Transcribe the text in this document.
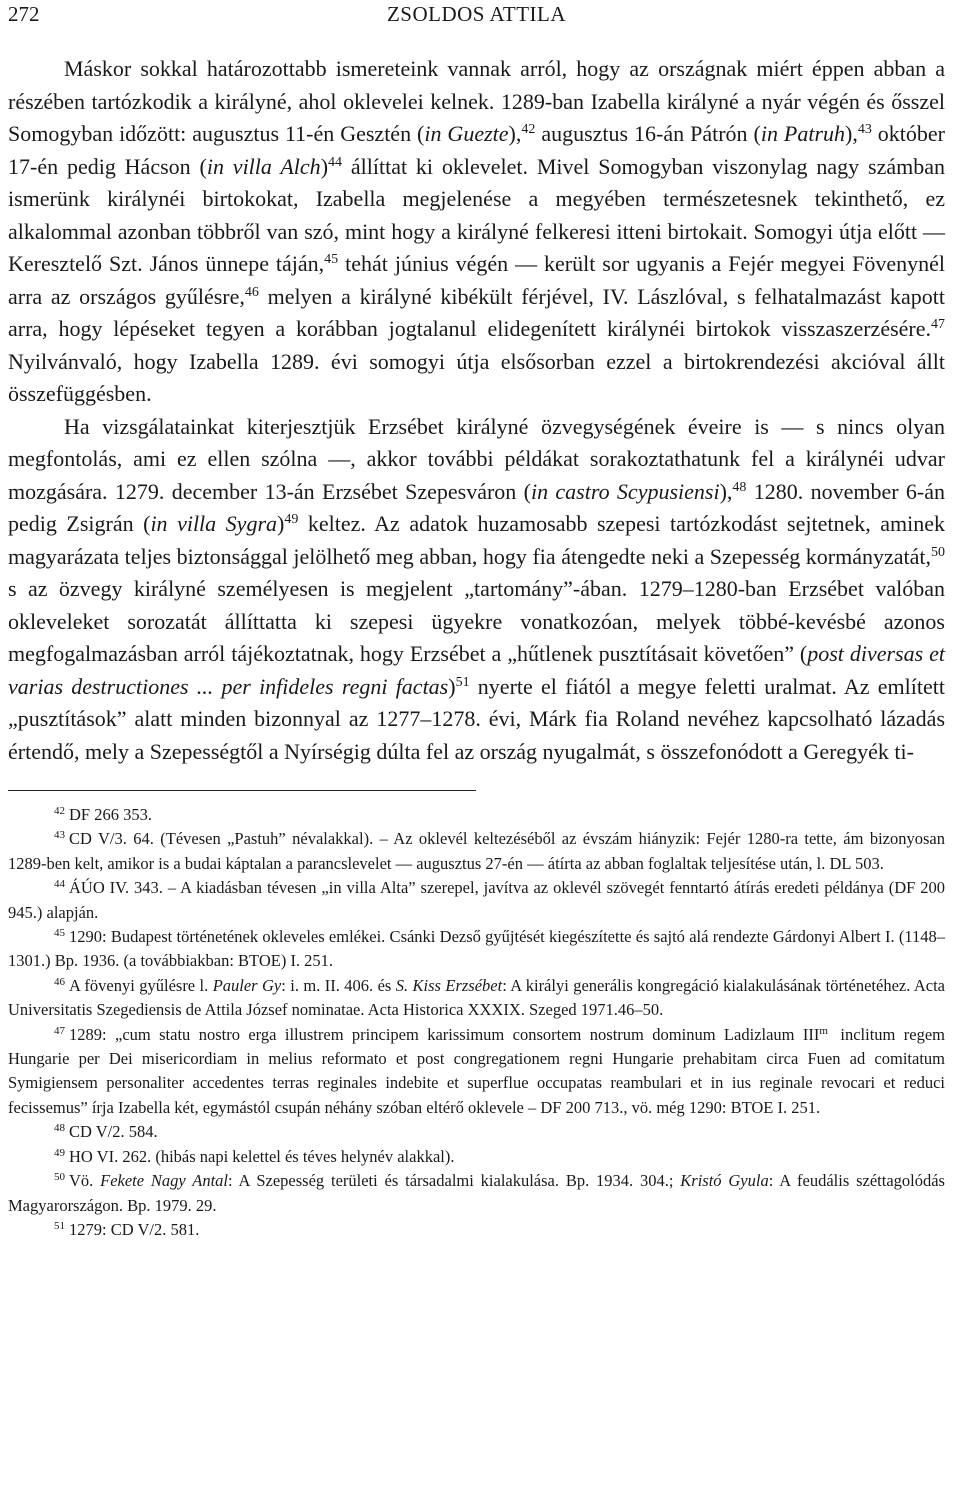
272	ZSOLDOS ATTILA

Máskor sokkal határozottabb ismereteink vannak arról, hogy az országnak miért éppen abban a részében tartózkodik a királyné, ahol oklevelei kelnek. 1289-ban Izabella királyné a nyár végén és ősszel Somogyban időzött: augusztus 11-én Gesztén (in Guezte),$^{42}$ augusztus 16-án Pátrón (in Patruh),$^{43}$ október 17-én pedig Hácson (in villa Alch)$^{44}$ állíttat ki oklevelet. Mivel Somogyban viszonylag nagy számban ismerünk királynéi birtokokat, Izabella megjelenése a megyében természetesnek tekinthető, ez alkalommal azonban többről van szó, mint hogy a királyné felkeresi itteni birtokait. Somogyi útja előtt — Keresztelő Szt. János ünnepe táján,$^{45}$ tehát június végén — került sor ugyanis a Fejér megyei Fövenynél arra az országos gyűlésre,$^{46}$ melyen a királyné kibékült férjével, IV. Lászlóval, s felhatalmazást kapott arra, hogy lépéseket tegyen a korábban jogtalanul elidegenített királynéi birtokok visszaszerzésére.$^{47}$ Nyilvánvaló, hogy Izabella 1289. évi somogyi útja elsősorban ezzel a birtokrendezési akcióval állt összefüggésben.

Ha vizsgálatainkat kiterjesztjük Erzsébet királyné özvegységének éveire is — s nincs olyan megfontolás, ami ez ellen szólna —, akkor további példákat sorakoztathatunk fel a királynéi udvar mozgására. 1279. december 13-án Erzsébet Szepesváron (in castro Scypusiensi),$^{48}$ 1280. november 6-án pedig Zsigrán (in villa Sygra)$^{49}$ keltez. Az adatok huzamosabb szepesi tartózkodást sejtetnek, aminek magyarázata teljes biztonsággal jelölhető meg abban, hogy fia átengedte neki a Szepesség kormányzatát,$^{50}$ s az özvegy királyné személyesen is megjelent „tartomány”-ában. 1279–1280-ban Erzsébet valóban okleveleket sorozatát állíttatta ki szepesi ügyekre vonatkozóan, melyek többé-kevésbé azonos megfogalmazásban arról tájékoztatnak, hogy Erzsébet a „hűtlenek pusztításait követően” (post diversas et varias destructiones ... per infideles regni factas)$^{51}$ nyerte el fiától a megye feletti uralmat. Az említett „pusztítások” alatt minden bizonnyal az 1277–1278. évi, Márk fia Roland nevéhez kapcsolható lázadás értendő, mely a Szepességtől a Nyírségig dúlta fel az ország nyugalmát, s összefonódott a Geregyék ti-

$^{42}$ DF 266 353.

$^{43}$ CD V/3. 64. (Tévesen „Pastuh” névalakkal). – Az oklevél keltezéséből az évszám hiányzik: Fejér 1280-ra tette, ám bizonyosan 1289-ben kelt, amikor is a budai káptalan a parancslevelet — augusztus 27-én — átírta az abban foglaltak teljesítése után, l. DL 503.

$^{44}$ ÁÚO IV. 343. – A kiadásban tévesen „in villa Alta” szerepel, javítva az oklevél szövegét fenntartó átírás eredeti példánya (DF 200 945.) alapján.

$^{45}$ 1290: Budapest történetének okleveles emlékei. Csánki Dezső gyűjtését kiegészítette és sajtó alá rendezte Gárdonyi Albert I. (1148–1301.) Bp. 1936. (a továbbiakban: BTOE) I. 251.

$^{46}$ A fövenyi gyűlésre l. Pauler Gy: i. m. II. 406. és S. Kiss Erzsébet: A királyi generális kongregáció kialakulásának történetéhez. Acta Universitatis Szegediensis de Attila József nominatae. Acta Historica XXXIX. Szeged 1971.46–50.

$^{47}$ 1289: „cum statu nostro erga illustrem principem karissimum consortem nostrum dominum Ladizlaum III$^m$ inclitum regem Hungarie per Dei misericordiam in melius reformato et post congregationem regni Hungarie prehabitam circa Fuen ad comitatum Symigiensem personaliter accedentes terras reginales indebite et superflue occupatas reambulari et in ius reginale revocari et reduci fecissemus” írja Izabella két, egymástól csupán néhány szóban eltérő oklevele – DF 200 713., vö. még 1290: BTOE I. 251.

$^{48}$ CD V/2. 584.

$^{49}$ HO VI. 262. (hibás napi kelettel és téves helynév alakkal).

$^{50}$ Vö. Fekete Nagy Antal: A Szepesség területi és társadalmi kialakulása. Bp. 1934. 304.; Kristó Gyula: A feudális széttagolódás Magyarországon. Bp. 1979. 29.

$^{51}$ 1279: CD V/2. 581.
